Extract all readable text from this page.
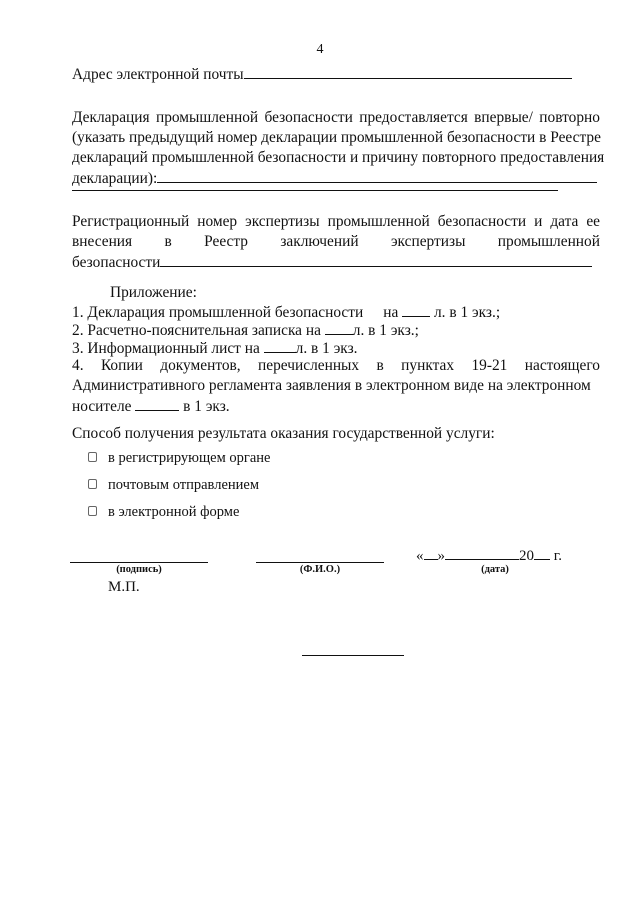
4
Адрес электронной почты
Декларация промышленной безопасности предоставляется впервые/ повторно
(указать предыдущий номер декларации промышленной безопасности в Реестре
деклараций промышленной безопасности и причину повторного предоставления
декларации):
Регистрационный номер экспертизы промышленной безопасности и дата ее
внесения в Реестр заключений экспертизы промышленной
безопасности
Приложение:
1. Декларация промышленной безопасности на л. в 1 экз.;
2. Расчетно-пояснительная записка на л. в 1 экз.;
3. Информационный лист на л. в 1 экз.
4. Копии документов, перечисленных в пунктах 19-21 настоящего
Административного регламента заявления в электронном виде на электронном
носителе	в 1 экз.
Способ получения результата оказания государственной услуги:
в регистрирующем органе
почтовым отправлением
в электронной форме
(подпись)	(Ф.И.О.)
« »	20 г.
(дата)
М.П.
